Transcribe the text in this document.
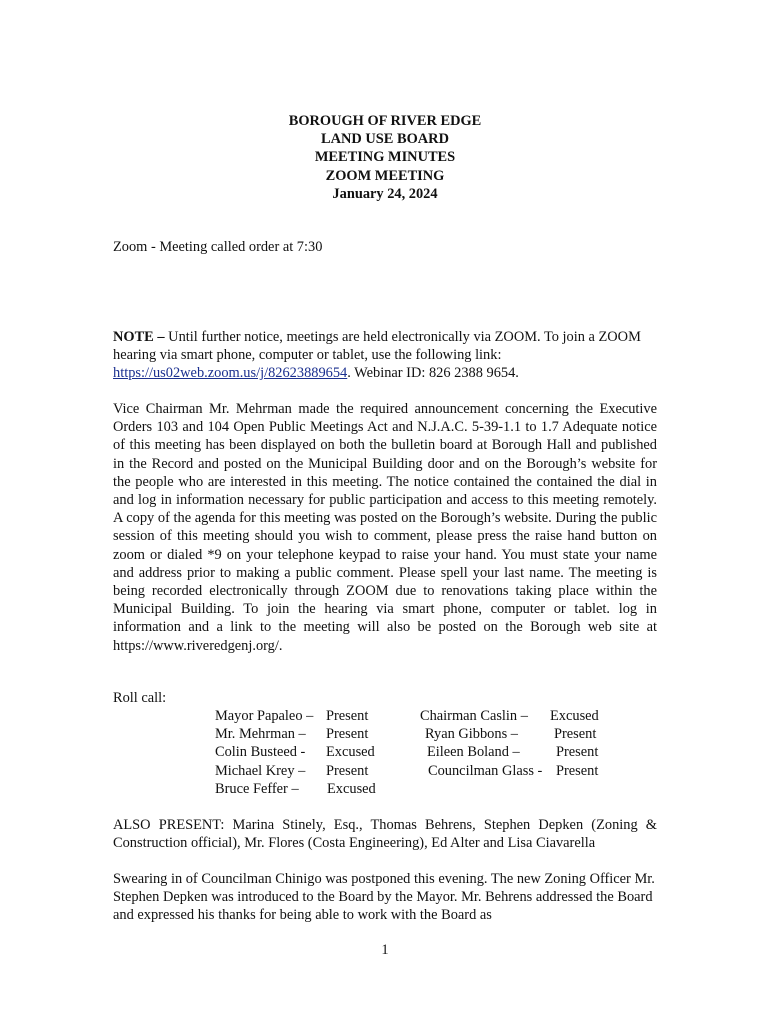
BOROUGH OF RIVER EDGE
LAND USE BOARD
MEETING MINUTES
ZOOM MEETING
January 24, 2024

Zoom - Meeting called order at 7:30

NOTE – Until further notice, meetings are held electronically via ZOOM. To join a ZOOM hearing via smart phone, computer or tablet, use the following link: https://us02web.zoom.us/j/82623889654. Webinar ID: 826 2388 9654.

Vice Chairman Mr. Mehrman made the required announcement concerning the Executive Orders 103 and 104 Open Public Meetings Act and N.J.A.C. 5-39-1.1 to 1.7 Adequate notice of this meeting has been displayed on both the bulletin board at Borough Hall and published in the Record and posted on the Municipal Building door and on the Borough’s website for the people who are interested in this meeting. The notice contained the contained the dial in and log in information necessary for public participation and access to this meeting remotely. A copy of the agenda for this meeting was posted on the Borough’s website. During the public session of this meeting should you wish to comment, please press the raise hand button on zoom or dialed *9 on your telephone keypad to raise your hand. You must state your name and address prior to making a public comment. Please spell your last name. The meeting is being recorded electronically through ZOOM due to renovations taking place within the Municipal Building. To join the hearing via smart phone, computer or tablet. log in information and a link to the meeting will also be posted on the Borough web site at https://www.riveredgenj.org/.

Roll call:

Mayor Papaleo – Present	Chairman Caslin – Excused
Mr. Mehrman – Present	Ryan Gibbons –	Present
Colin Busteed - Excused	Eileen Boland –	Present
Michael Krey – Present	Councilman Glass - Present
Bruce Feffer – Excused

ALSO PRESENT: Marina Stinely, Esq., Thomas Behrens, Stephen Depken (Zoning & Construction official), Mr. Flores (Costa Engineering), Ed Alter and Lisa Ciavarella

Swearing in of Councilman Chinigo was postponed this evening. The new Zoning Officer Mr. Stephen Depken was introduced to the Board by the Mayor. Mr. Behrens addressed the Board and expressed his thanks for being able to work with the Board as

1
